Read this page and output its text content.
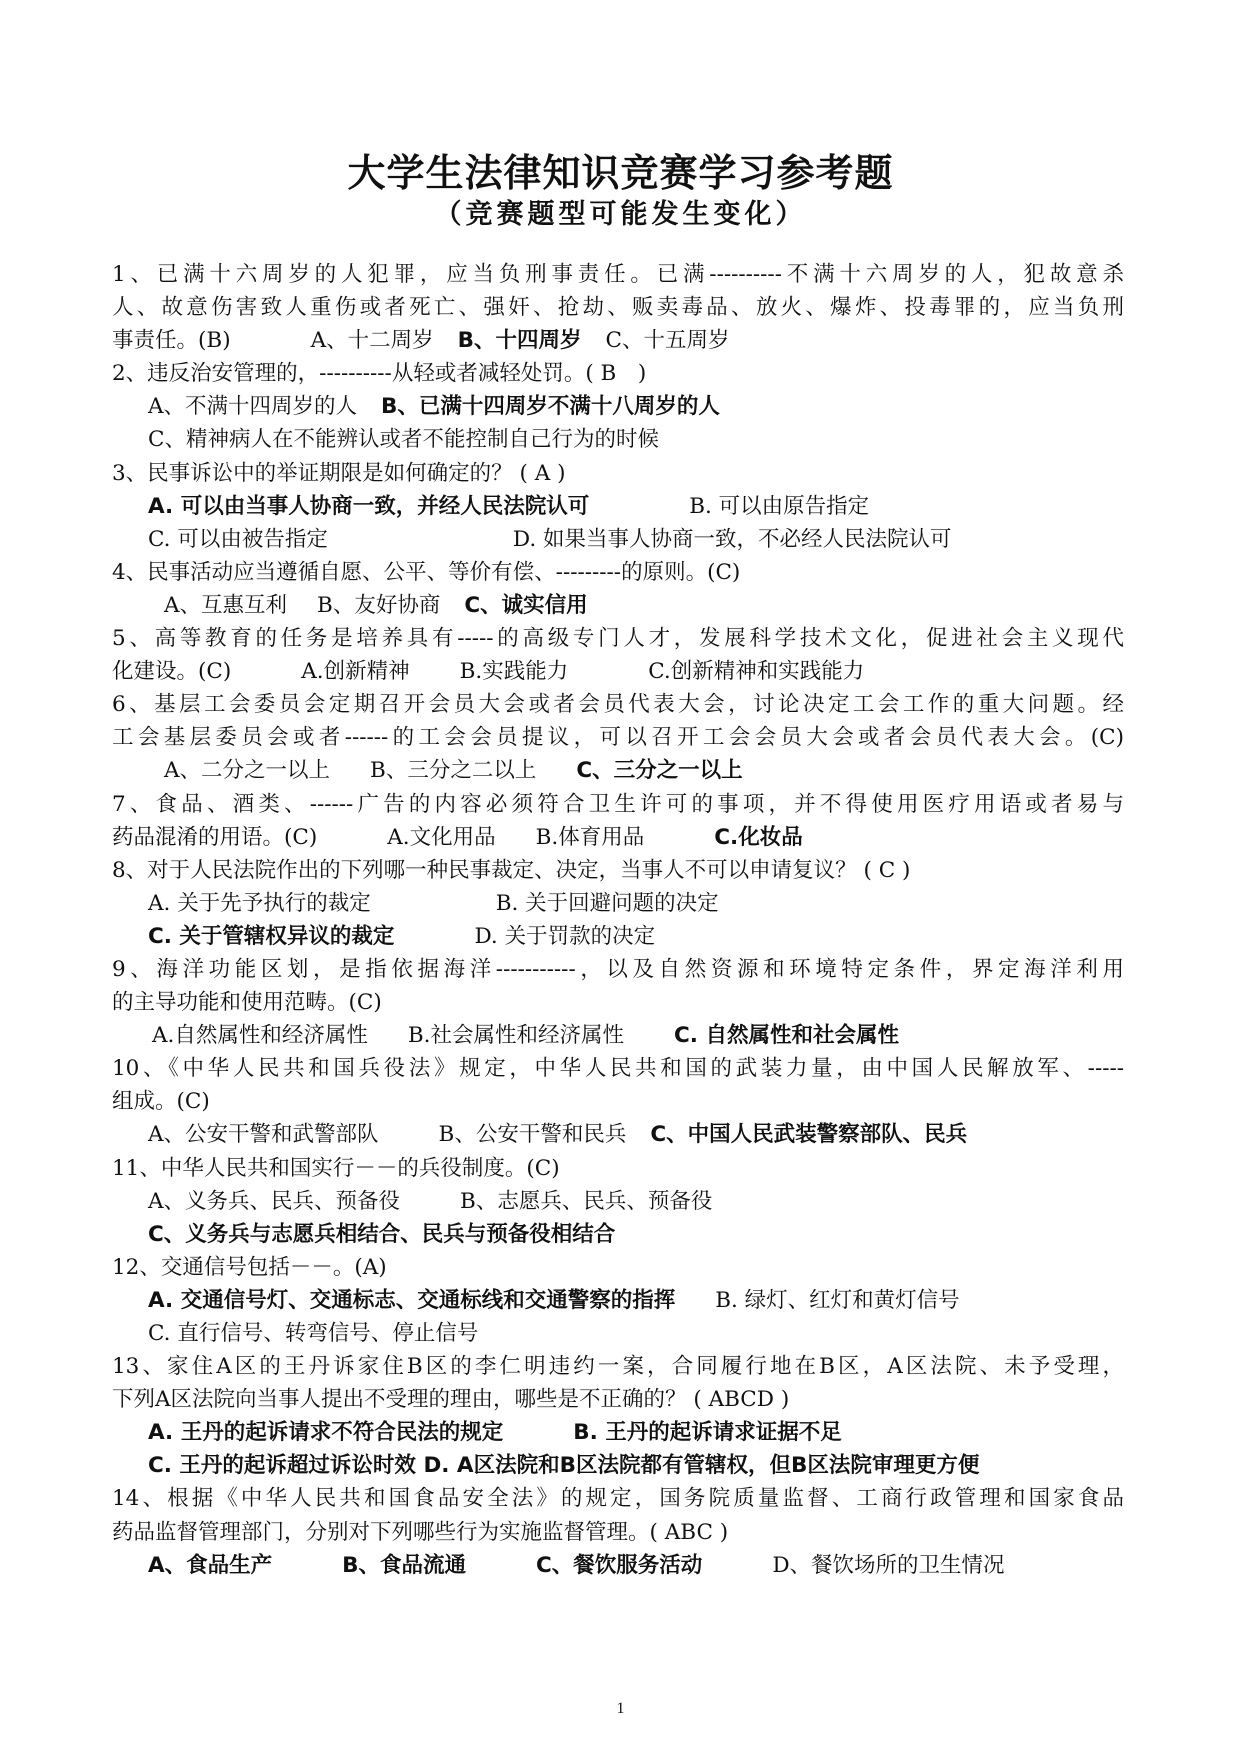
大学生法律知识竞赛学习参考题
（竞赛题型可能发生变化）
1、已满十六周岁的人犯罪，应当负刑事责任。已满----------不满十六周岁的人，犯故意杀
人、故意伤害致人重伤或者死亡、强奸、抢劫、贩卖毒品、放火、爆炸、投毒罪的，应当负刑
事责任。(B)	A、十二周岁 B、十四周岁 C、十五周岁
2、违反治安管理的，----------从轻或者减轻处罚。( B　)
A、不满十四周岁的人 B、已满十四周岁不满十八周岁的人
C、精神病人在不能辨认或者不能控制自己行为的时候
3、民事诉讼中的举证期限是如何确定的？ ( A )
A. 可以由当事人协商一致，并经人民法院认可	B. 可以由原告指定
C. 可以由被告指定	D. 如果当事人协商一致，不必经人民法院认可
4、民事活动应当遵循自愿、公平、等价有偿、---------的原则。(C)
A、互惠互利 B、友好协商 C、诚实信用
5、高等教育的任务是培养具有-----的高级专门人才，发展科学技术文化，促进社会主义现代
化建设。(C)	A.创新精神 B.实践能力	C.创新精神和实践能力
6、基层工会委员会定期召开会员大会或者会员代表大会，讨论决定工会工作的重大问题。经
工会基层委员会或者------的工会会员提议，可以召开工会会员大会或者会员代表大会。(C)
A、二分之一以上 B、三分之二以上 C、三分之一以上
7、食品、酒类、------广告的内容必须符合卫生许可的事项，并不得使用医疗用语或者易与
药品混淆的用语。(C)	A.文化用品 B.体育用品	C.化妆品
8、对于人民法院作出的下列哪一种民事裁定、决定，当事人不可以申请复议？ ( C )
A. 关于先予执行的裁定	B. 关于回避问题的决定
C. 关于管辖权异议的裁定	D. 关于罚款的决定
9、海洋功能区划，是指依据海洋-----------，以及自然资源和环境特定条件，界定海洋利用
的主导功能和使用范畴。(C)
A.自然属性和经济属性 B.社会属性和经济属性 C. 自然属性和社会属性
10、《中华人民共和国兵役法》规定，中华人民共和国的武装力量，由中国人民解放军、-----
组成。(C)
A、公安干警和武警部队	B、公安干警和民兵 C、中国人民武装警察部队、民兵
11、中华人民共和国实行－－的兵役制度。(C)
A、义务兵、民兵、预备役	B、志愿兵、民兵、预备役
C、义务兵与志愿兵相结合、民兵与预备役相结合
12、交通信号包括－－。(A)
A. 交通信号灯、交通标志、交通标线和交通警察的指挥 B. 绿灯、红灯和黄灯信号
C. 直行信号、转弯信号、停止信号
13、家住A区的王丹诉家住B区的李仁明违约一案，合同履行地在B区，A区法院、未予受理，
下列A区法院向当事人提出不受理的理由，哪些是不正确的？ ( ABCD )
A. 王丹的起诉请求不符合民法的规定	B. 王丹的起诉请求证据不足
C. 王丹的起诉超过诉讼时效 D. A区法院和B区法院都有管辖权，但B区法院审理更方便
14、根据《中华人民共和国食品安全法》的规定，国务院质量监督、工商行政管理和国家食品
药品监督管理部门，分别对下列哪些行为实施监督管理。( ABC )
A、食品生产	B、食品流通	C、餐饮服务活动	D、餐饮场所的卫生情况
1
